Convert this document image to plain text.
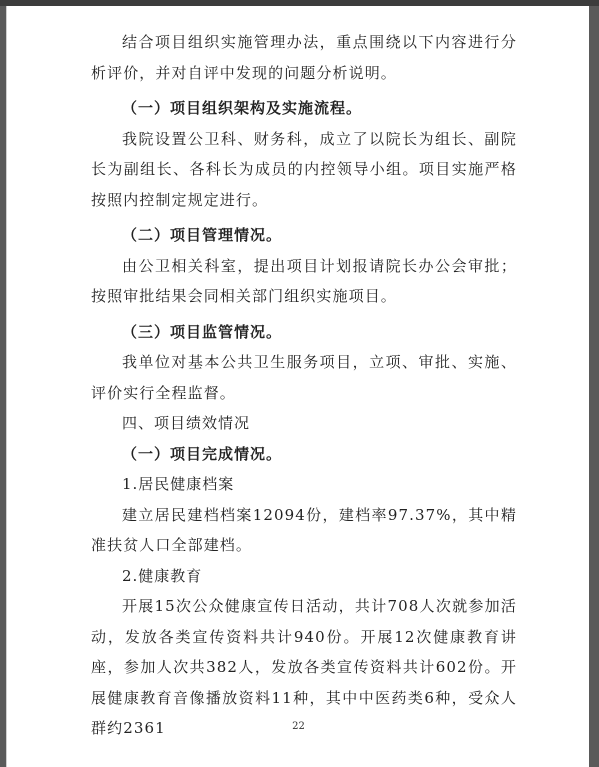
结合项目组织实施管理办法，重点围绕以下内容进行分析评价，并对自评中发现的问题分析说明。

（一）项目组织架构及实施流程。

我院设置公卫科、财务科，成立了以院长为组长、副院长为副组长、各科长为成员的内控领导小组。项目实施严格按照内控制定规定进行。

（二）项目管理情况。

由公卫相关科室，提出项目计划报请院长办公会审批；按照审批结果会同相关部门组织实施项目。

（三）项目监管情况。

我单位对基本公共卫生服务项目，立项、审批、实施、评价实行全程监督。

四、项目绩效情况

（一）项目完成情况。

1.居民健康档案

建立居民建档档案12094份，建档率97.37%，其中精准扶贫人口全部建档。

2.健康教育

开展15次公众健康宣传日活动，共计708人次就参加活动，发放各类宣传资料共计940份。开展12次健康教育讲座，参加人次共382人，发放各类宣传资料共计602份。开展健康教育音像播放资料11种，其中中医药类6种，受众人群约2361	22
